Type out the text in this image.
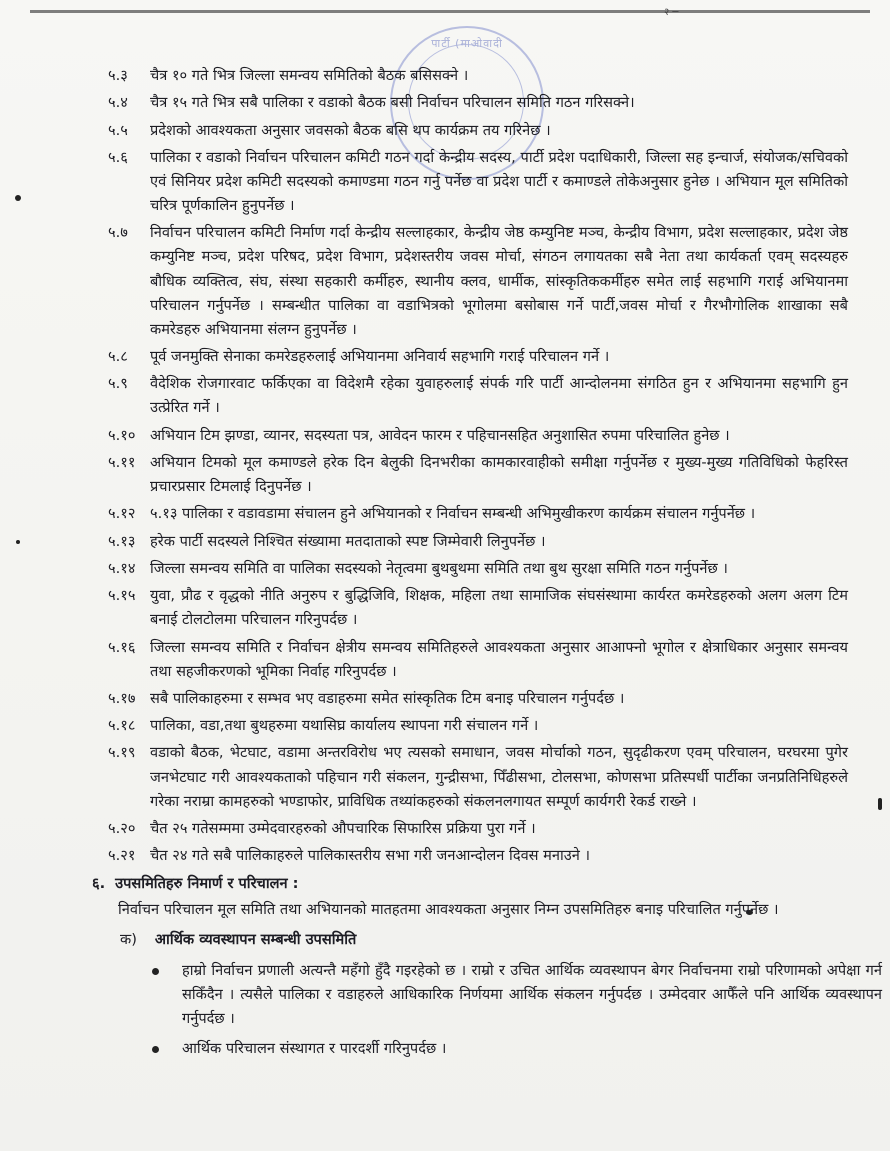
२ ─
पार्टी (माओवादी
५.३	चैत्र १० गते भित्र जिल्ला समन्वय समितिको बैठक बसिसक्ने ।
५.४	चैत्र १५ गते भित्र सबै पालिका र वडाको बैठक बसी निर्वाचन परिचालन समिति गठन गरिसक्ने।
५.५	प्रदेशको आवश्यकता अनुसार जवसको बैठक बसि थप कार्यक्रम तय गरिनेछ ।
५.६	पालिका र वडाको निर्वाचन परिचालन कमिटी गठन गर्दा केन्द्रीय सदस्य, पार्टी प्रदेश पदाधिकारी, जिल्ला सह इन्चार्ज, संयोजक/सचिवको एवं सिनियर प्रदेश कमिटी सदस्यको कमाण्डमा गठन गर्नु पर्नेछ वा प्रदेश पार्टी र कमाण्डले तोकेअनुसार हुनेछ । अभियान मूल समितिको चरित्र पूर्णकालिन हुनुपर्नेछ ।
५.७	निर्वाचन परिचालन कमिटी निर्माण गर्दा केन्द्रीय सल्लाहकार, केन्द्रीय जेष्ठ कम्युनिष्ट मञ्च, केन्द्रीय विभाग, प्रदेश सल्लाहकार, प्रदेश जेष्ठ कम्युनिष्ट मञ्च, प्रदेश परिषद, प्रदेश विभाग, प्रदेशस्तरीय जवस मोर्चा, संगठन लगायतका सबै नेता तथा कार्यकर्ता एवम् सदस्यहरु बौधिक व्यक्तित्व, संघ, संस्था सहकारी कर्मीहरु, स्थानीय क्लव, धार्मीक, सांस्कृतिककर्मीहरु समेत लाई सहभागि गराई अभियानमा परिचालन गर्नुपर्नेछ । सम्बन्धीत पालिका वा वडाभित्रको भूगोलमा बसोबास गर्ने पार्टी,जवस मोर्चा र गैरभौगोलिक शाखाका सबै कमरेडहरु अभियानमा संलग्न हुनुपर्नेछ ।
५.८	पूर्व जनमुक्ति सेनाका कमरेडहरुलाई अभियानमा अनिवार्य सहभागि गराई परिचालन गर्ने ।
५.९	वैदेशिक रोजगारवाट फर्किएका वा विदेशमै रहेका युवाहरुलाई संपर्क गरि पार्टी आन्दोलनमा संगठित हुन र अभियानमा सहभागि हुन उत्प्रेरित गर्ने ।
५.१० अभियान टिम झण्डा, व्यानर, सदस्यता पत्र, आवेदन फारम र पहिचानसहित अनुशासित रुपमा परिचालित हुनेछ ।
५.११ अभियान टिमको मूल कमाण्डले हरेक दिन बेलुकी दिनभरीका कामकारवाहीको समीक्षा गर्नुपर्नेछ र मुख्य-मुख्य गतिविधिको फेहरिस्त प्रचारप्रसार टिमलाई दिनुपर्नेछ ।
५.१२ ५.१३ पालिका र वडावडामा संचालन हुने अभियानको र निर्वाचन सम्बन्धी अभिमुखीकरण कार्यक्रम संचालन गर्नुपर्नेछ ।
५.१३ हरेक पार्टी सदस्यले निश्चित संख्यामा मतदाताको स्पष्ट जिम्मेवारी लिनुपर्नेछ ।
५.१४ जिल्ला समन्वय समिति वा पालिका सदस्यको नेतृत्वमा बुथबुथमा समिति तथा बुथ सुरक्षा समिति गठन गर्नुपर्नेछ ।
५.१५ युवा, प्रौढ र वृद्धको नीति अनुरुप र बुद्धिजिवि, शिक्षक, महिला तथा सामाजिक संघसंस्थामा कार्यरत कमरेडहरुको अलग अलग टिम बनाई टोलटोलमा परिचालन गरिनुपर्दछ ।
५.१६ जिल्ला समन्वय समिति र निर्वाचन क्षेत्रीय समन्वय समितिहरुले आवश्यकता अनुसार आआफ्नो भूगोल र क्षेत्राधिकार अनुसार समन्वय तथा सहजीकरणको भूमिका निर्वाह गरिनुपर्दछ ।
५.१७ सबै पालिकाहरुमा र सम्भव भए वडाहरुमा समेत सांस्कृतिक टिम बनाइ परिचालन गर्नुपर्दछ ।
५.१८ पालिका, वडा,तथा बुथहरुमा यथासिघ्र कार्यालय स्थापना गरी संचालन गर्ने ।
५.१९ वडाको बैठक, भेटघाट, वडामा अन्तरविरोध भए त्यसको समाधान, जवस मोर्चाको गठन, सुदृढीकरण एवम् परिचालन, घरघरमा पुगेर जनभेटघाट गरी आवश्यकताको पहिचान गरी संकलन, गुन्द्रीसभा, पिँढीसभा, टोलसभा, कोणसभा प्रतिस्पर्धी पार्टीका जनप्रतिनिधिहरुले गरेका नराम्रा कामहरुको भण्डाफोर, प्राविधिक तथ्यांकहरुको संकलनलगायत सम्पूर्ण कार्यगरी रेकर्ड राख्ने ।
५.२० चैत २५ गतेसम्ममा उम्मेदवारहरुको औपचारिक सिफारिस प्रक्रिया पुरा गर्ने ।
५.२१ चैत २४ गते सबै पालिकाहरुले पालिकास्तरीय सभा गरी जनआन्दोलन दिवस मनाउने ।
६. उपसमितिहरु निमार्ण र परिचालन :
निर्वाचन परिचालन मूल समिति तथा अभियानको मातहतमा आवश्यकता अनुसार निम्न उपसमितिहरु बनाइ परिचालित गर्नुपर्नेछ ।
क) आर्थिक व्यवस्थापन सम्बन्धी उपसमिति
हाम्रो निर्वाचन प्रणाली अत्यन्तै महँगो हुँदै गइरहेको छ । राम्रो र उचित आर्थिक व्यवस्थापन बेगर निर्वाचनमा राम्रो परिणामको अपेक्षा गर्न सकिँदैन । त्यसैले पालिका र वडाहरुले आधिकारिक निर्णयमा आर्थिक संकलन गर्नुपर्दछ । उम्मेदवार आफैँले पनि आर्थिक व्यवस्थापन गर्नुपर्दछ ।
आर्थिक परिचालन संस्थागत र पारदर्शी गरिनुपर्दछ ।
